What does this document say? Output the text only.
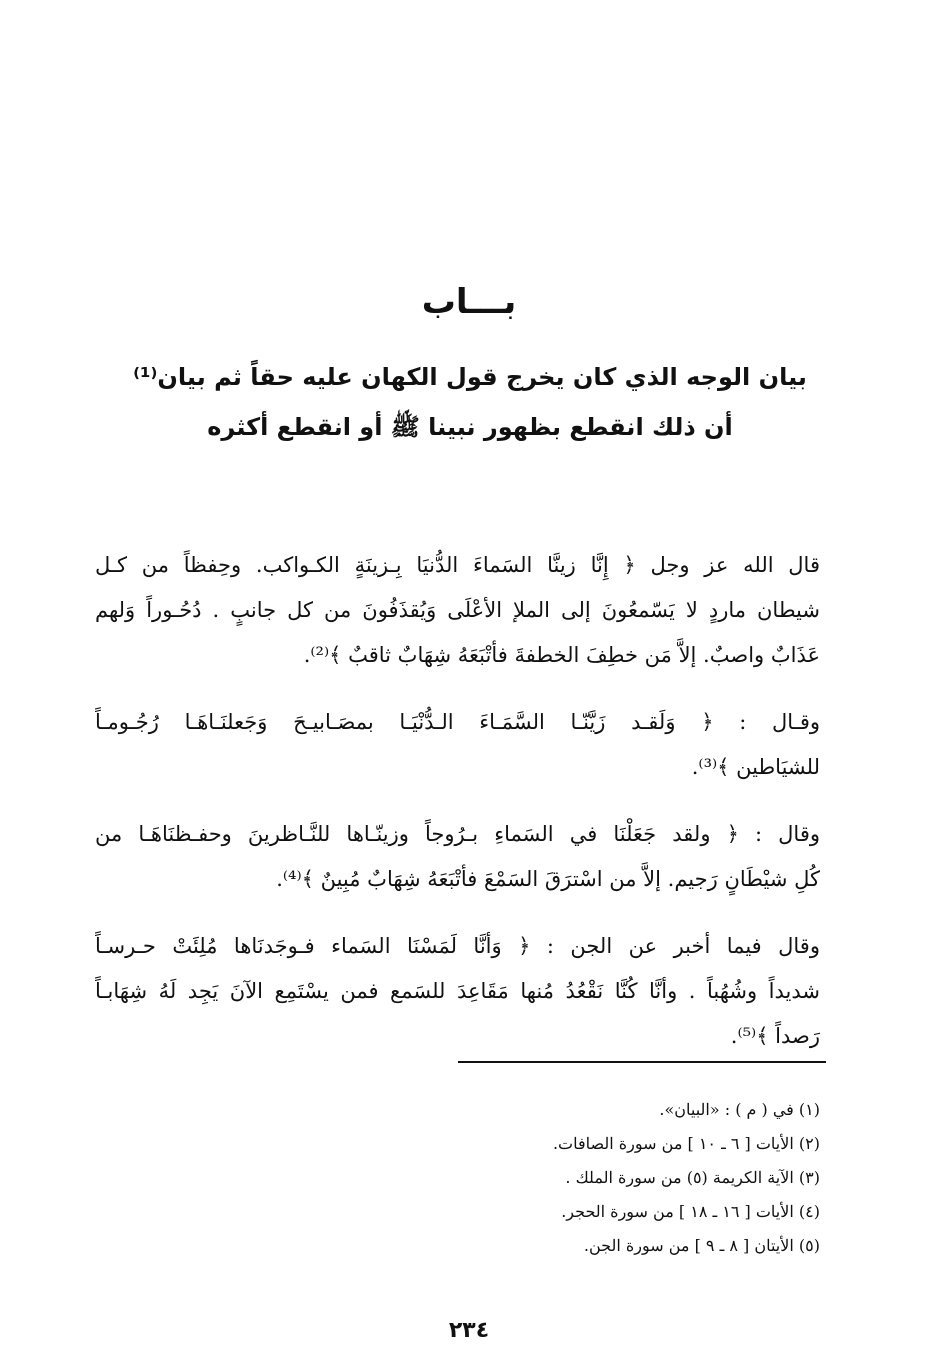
بـــاب
بيان الوجه الذي كان يخرج قول الكهان عليه حقاً ثم بيان⁽¹⁾
أن ذلك انقطع بظهور نبينا ﷺ أو انقطع أكثره

قال الله عز وجل ﴿ إِنَّا زينَّا السَماءَ الدُّنيَا بِـزينَةٍ الكـواكب. وحِفظاً من كـل
شيطان ماردٍ لا يَسّمعُونَ إلى الملإ الأعْلَى وَيُقذَفُونَ من كل جانبٍ . دُحُـوراً وَلهم
عَذَابٌ واصبٌ. إلاَّ مَن خطِفَ الخطفةَ فأتْبَعَهُ شِهَابٌ ثاقبٌ ﴾⁽²⁾.

وقـال : ﴿ وَلَقـد زَيَّنّـا السَّمَـاءَ الـدُّنْيَـا بمصَـابيـحَ وَجَعلنَـاهَـا رُجُـومـاً
للشيَاطين ﴾⁽³⁾.

وقال : ﴿ ولقد جَعَلْنَا في السَماءِ بـرُوجاً وزينّـاها للنَّـاظرينَ وحفـظنَاهَـا من
كُلِ شيْطَانٍ رَجيم. إلاَّ من اسْترَقَ السَمْعَ فأتْبَعَهُ شِهَابٌ مُبِينٌ ﴾⁽⁴⁾.

وقال فيما أخبر عن الجن : ﴿ وَأنَّا لَمَسْنَا السَماء فـوجَدنَاها مُلِئَتْ حـرسـاً
شديداً وشُهُباً . وأنَّا كُنَّا نَقْعُدُ مُنها مَقَاعِدَ للسَمع فمن يسْتَمِع الآنَ يَجِد لَهُ شِهَابـاً
رَصداً ﴾⁽⁵⁾.

(١) في ( م ) : «البيان».
(٢) الأيات [ ٦ ـ ١٠ ] من سورة الصافات.
(٣) الآية الكريمة (٥) من سورة الملك .
(٤) الأيات [ ١٦ ـ ١٨ ] من سورة الحجر.
(٥) الأيتان [ ٨ ـ ٩ ] من سورة الجن.
٢٣٤
